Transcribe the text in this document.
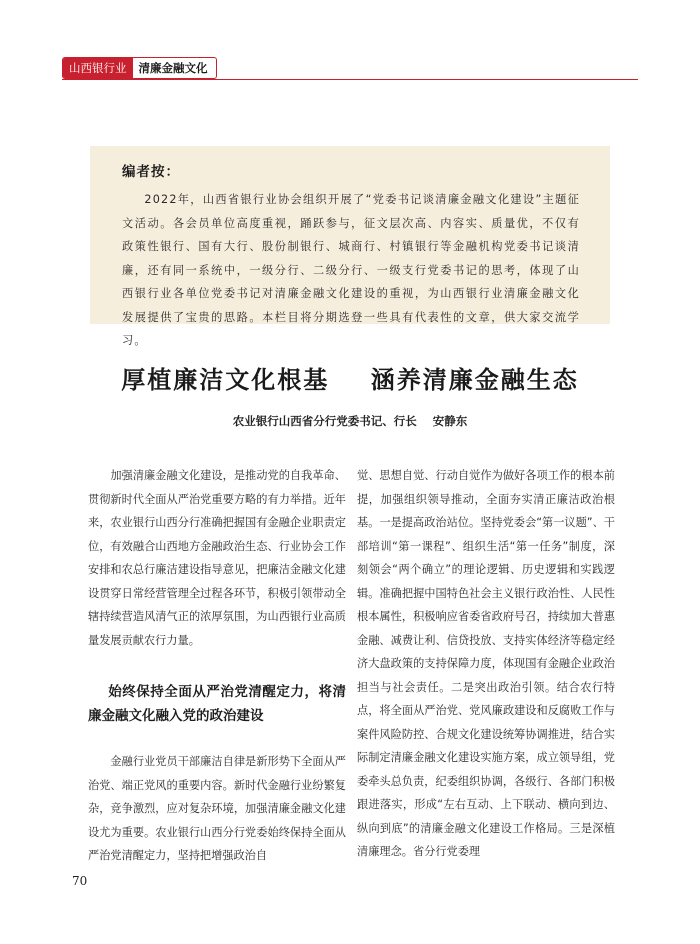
山西银行业	清廉金融文化

编者按：

2022年，山西省银行业协会组织开展了“党委书记谈清廉金融文化建设”主题征文活动。各会员单位高度重视，踊跃参与，征文层次高、内容实、质量优，不仅有政策性银行、国有大行、股份制银行、城商行、村镇银行等金融机构党委书记谈清廉，还有同一系统中，一级分行、二级分行、一级支行党委书记的思考，体现了山西银行业各单位党委书记对清廉金融文化建设的重视，为山西银行业清廉金融文化发展提供了宝贵的思路。本栏目将分期选登一些具有代表性的文章，供大家交流学习。

厚植廉洁文化根基    涵养清廉金融生态
农业银行山西省分行党委书记、行长    安静东

加强清廉金融文化建设，是推动党的自我革命、贯彻新时代全面从严治党重要方略的有力举措。近年来，农业银行山西分行准确把握国有金融企业职责定位，有效融合山西地方金融政治生态、行业协会工作安排和农总行廉洁建设指导意见，把廉洁金融文化建设贯穿日常经营管理全过程各环节，积极引领带动全辖持续营造风清气正的浓厚氛围，为山西银行业高质量发展贡献农行力量。

始终保持全面从严治党清醒定力，将清廉金融文化融入党的政治建设

金融行业党员干部廉洁自律是新形势下全面从严治党、端正党风的重要内容。新时代金融行业纷繁复杂，竞争激烈，应对复杂环境，加强清廉金融文化建设尤为重要。农业银行山西分行党委始终保持全面从严治党清醒定力，坚持把增强政治自

觉、思想自觉、行动自觉作为做好各项工作的根本前提，加强组织领导推动，全面夯实清正廉洁政治根基。一是提高政治站位。坚持党委会“第一议题”、干部培训“第一课程”、组织生活“第一任务”制度，深刻领会“两个确立”的理论逻辑、历史逻辑和实践逻辑。准确把握中国特色社会主义银行政治性、人民性根本属性，积极响应省委省政府号召，持续加大普惠金融、减费让利、信贷投放、支持实体经济等稳定经济大盘政策的支持保障力度，体现国有金融企业政治担当与社会责任。二是突出政治引领。结合农行特点，将全面从严治党、党风廉政建设和反腐败工作与案件风险防控、合规文化建设统筹协调推进，结合实际制定清廉金融文化建设实施方案，成立领导组，党委牵头总负责，纪委组织协调，各级行、各部门积极跟进落实，形成“左右互动、上下联动、横向到边、纵向到底”的清廉金融文化建设工作格局。三是深植清廉理念。省分行党委理

70
